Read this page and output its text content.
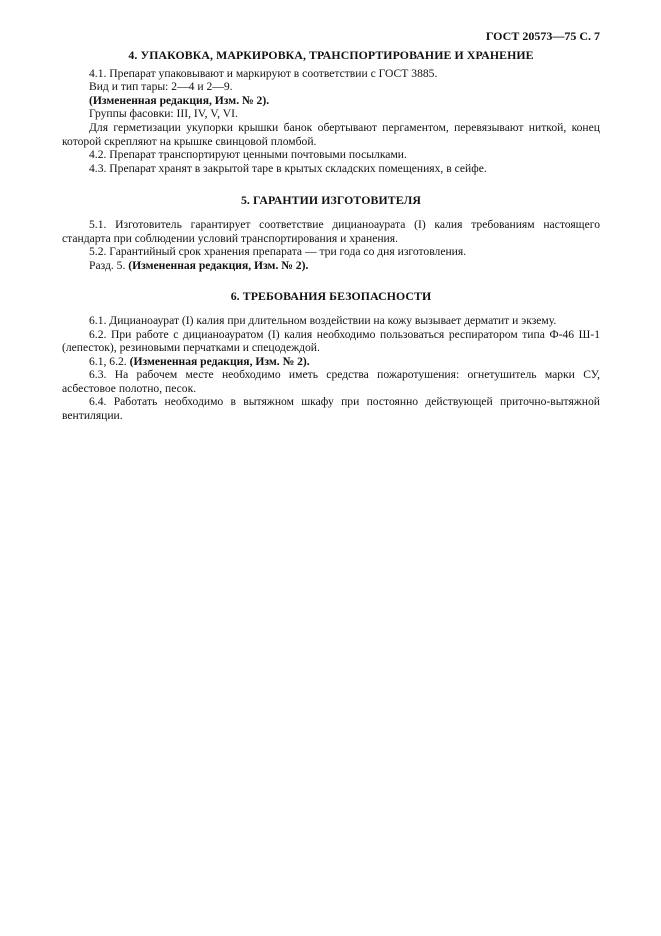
ГОСТ 20573—75 С. 7
4. УПАКОВКА, МАРКИРОВКА, ТРАНСПОРТИРОВАНИЕ И ХРАНЕНИЕ

4.1. Препарат упаковывают и маркируют в соответствии с ГОСТ 3885.

Вид и тип тары: 2—4 и 2—9.

(Измененная редакция, Изм. № 2).

Группы фасовки: III, IV, V, VI.

Для герметизации укупорки крышки банок обертывают пергаментом, перевязывают ниткой, конец которой скрепляют на крышке свинцовой пломбой.

4.2. Препарат транспортируют ценными почтовыми посылками.

4.3. Препарат хранят в закрытой таре в крытых складских помещениях, в сейфе.

5. ГАРАНТИИ ИЗГОТОВИТЕЛЯ

5.1. Изготовитель гарантирует соответствие дицианоаурата (I) калия требованиям настоящего стандарта при соблюдении условий транспортирования и хранения.

5.2. Гарантийный срок хранения препарата — три года со дня изготовления.

Разд. 5. (Измененная редакция, Изм. № 2).

6. ТРЕБОВАНИЯ БЕЗОПАСНОСТИ

6.1. Дицианоаурат (I) калия при длительном воздействии на кожу вызывает дерматит и экзему.

6.2. При работе с дицианоауратом (I) калия необходимо пользоваться респиратором типа Ф-46 Ш-1 (лепесток), резиновыми перчатками и спецодеждой.

6.1, 6.2. (Измененная редакция, Изм. № 2).

6.3. На рабочем месте необходимо иметь средства пожаротушения: огнетушитель марки СУ, асбестовое полотно, песок.

6.4. Работать необходимо в вытяжном шкафу при постоянно действующей приточно-вытяжной вентиляции.
